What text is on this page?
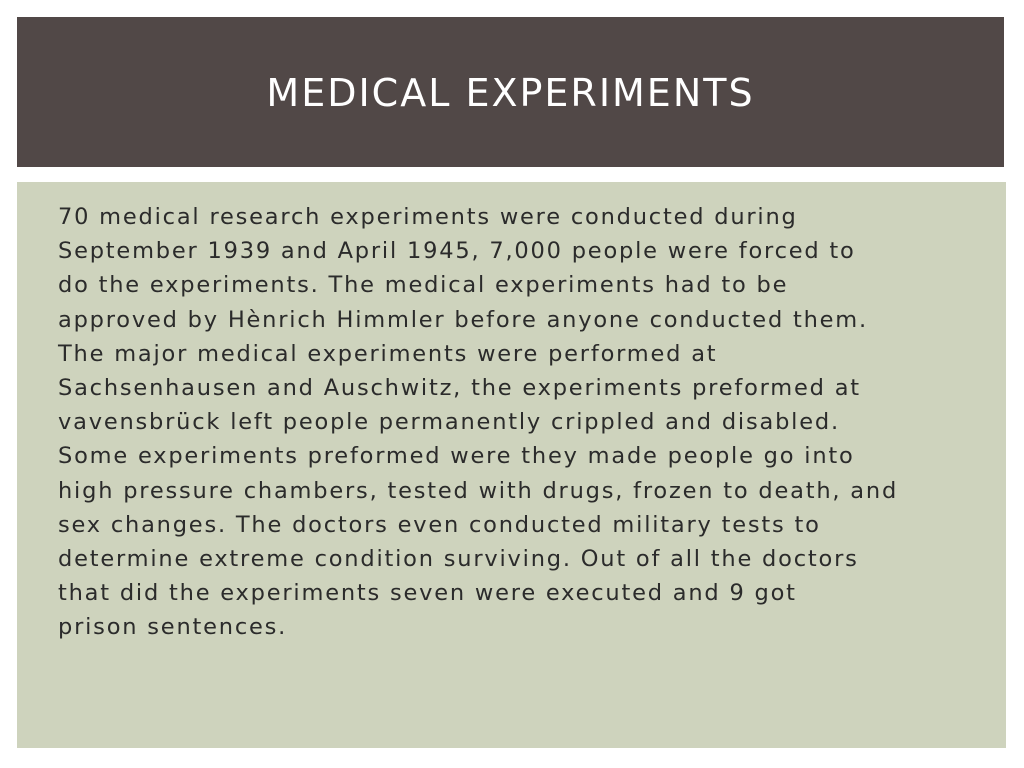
MEDICAL EXPERIMENTS

70 medical research experiments were conducted during
September 1939 and April 1945, 7,000 people were forced to
do the experiments. The medical experiments had to be
approved by Hènrich Himmler before anyone conducted them.
The major medical experiments were performed at
Sachsenhausen and Auschwitz, the experiments preformed at
vavensbrück left people permanently crippled and disabled.
Some experiments preformed were they made people go into
high pressure chambers, tested with drugs, frozen to death, and
sex changes. The doctors even conducted military tests to
determine extreme condition surviving. Out of all the doctors
that did the experiments seven were executed and 9 got
prison sentences.
